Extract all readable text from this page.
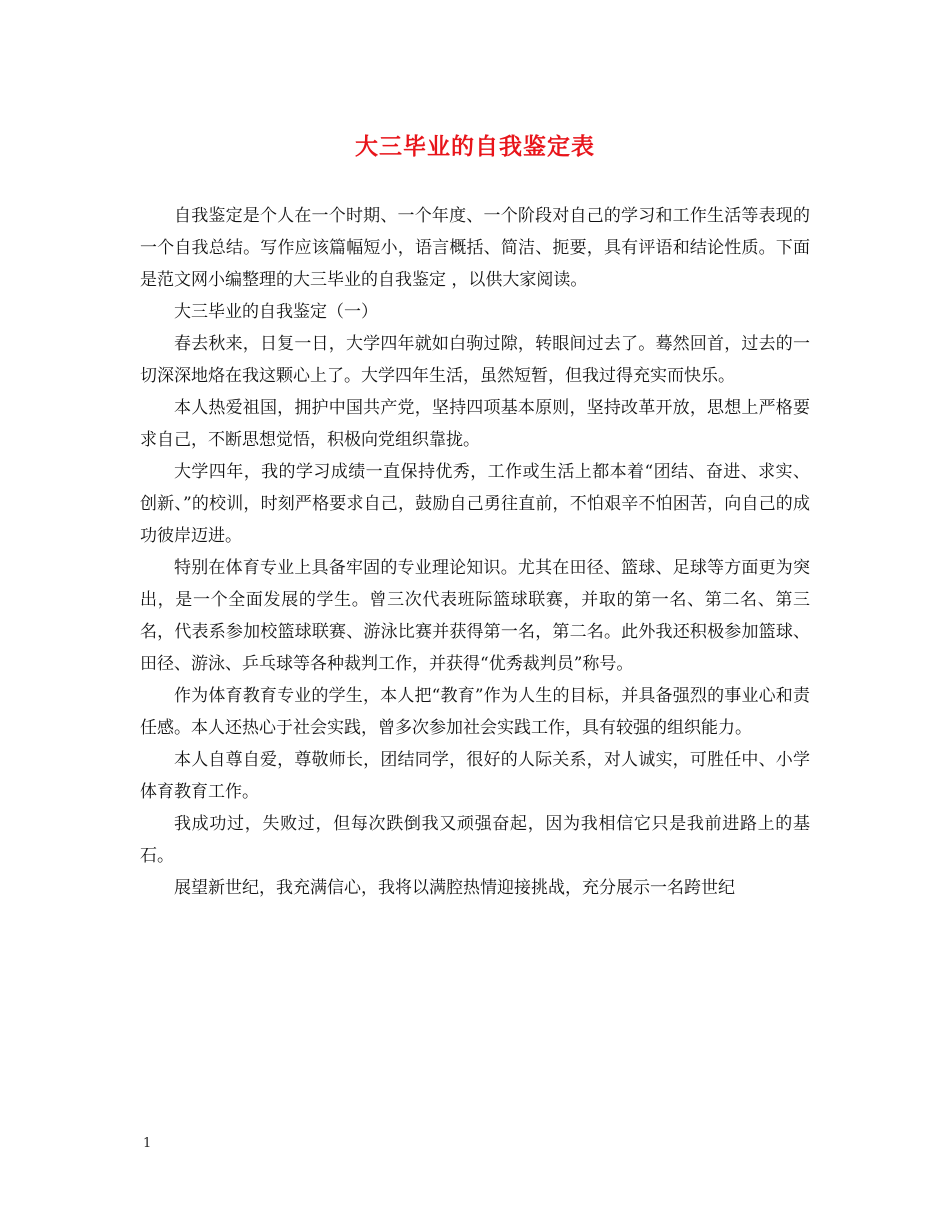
大三毕业的自我鉴定表

自我鉴定是个人在一个时期、一个年度、一个阶段对自己的学习和工作生活等表现的一个自我总结。写作应该篇幅短小，语言概括、简洁、扼要，具有评语和结论性质。下面是范文网小编整理的大三毕业的自我鉴定 ，以供大家阅读。

大三毕业的自我鉴定（一）

春去秋来，日复一日，大学四年就如白驹过隙，转眼间过去了。蓦然回首，过去的一切深深地烙在我这颗心上了。大学四年生活，虽然短暂，但我过得充实而快乐。

本人热爱祖国，拥护中国共产党，坚持四项基本原则，坚持改革开放，思想上严格要求自己，不断思想觉悟，积极向党组织靠拢。

大学四年，我的学习成绩一直保持优秀，工作或生活上都本着“团结、奋进、求实、创新、”的校训，时刻严格要求自己，鼓励自己勇往直前，不怕艰辛不怕困苦，向自己的成功彼岸迈进。

特别在体育专业上具备牢固的专业理论知识。尤其在田径、篮球、足球等方面更为突出，是一个全面发展的学生。曾三次代表班际篮球联赛，并取的第一名、第二名、第三名，代表系参加校篮球联赛、游泳比赛并获得第一名，第二名。此外我还积极参加篮球、田径、游泳、乒乓球等各种裁判工作，并获得“优秀裁判员”称号。

作为体育教育专业的学生，本人把“教育”作为人生的目标，并具备强烈的事业心和责任感。本人还热心于社会实践，曾多次参加社会实践工作，具有较强的组织能力。

本人自尊自爱，尊敬师长，团结同学，很好的人际关系，对人诚实，可胜任中、小学体育教育工作。

我成功过，失败过，但每次跌倒我又顽强奋起，因为我相信它只是我前进路上的基石。

展望新世纪，我充满信心，我将以满腔热情迎接挑战，充分展示一名跨世纪

1
